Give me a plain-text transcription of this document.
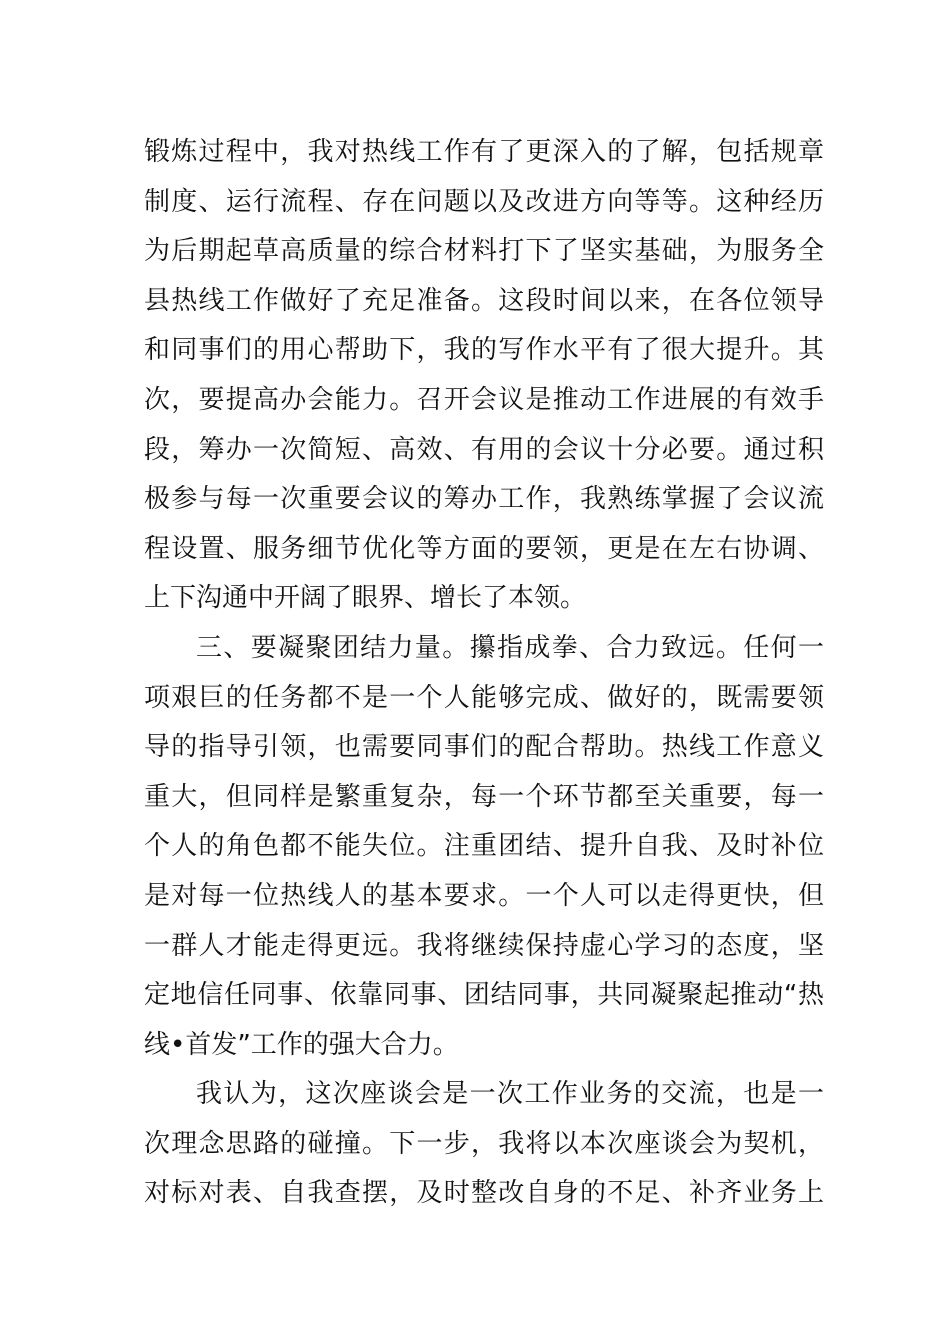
锻炼过程中，我对热线工作有了更深入的了解，包括规章
制度、运行流程、存在问题以及改进方向等等。这种经历
为后期起草高质量的综合材料打下了坚实基础，为服务全
县热线工作做好了充足准备。这段时间以来，在各位领导
和同事们的用心帮助下，我的写作水平有了很大提升。其
次，要提高办会能力。召开会议是推动工作进展的有效手
段，筹办一次简短、高效、有用的会议十分必要。通过积
极参与每一次重要会议的筹办工作，我熟练掌握了会议流
程设置、服务细节优化等方面的要领，更是在左右协调、
上下沟通中开阔了眼界、增长了本领。
三、要凝聚团结力量。攥指成拳、合力致远。任何一
项艰巨的任务都不是一个人能够完成、做好的，既需要领
导的指导引领，也需要同事们的配合帮助。热线工作意义
重大，但同样是繁重复杂，每一个环节都至关重要，每一
个人的角色都不能失位。注重团结、提升自我、及时补位
是对每一位热线人的基本要求。一个人可以走得更快，但
一群人才能走得更远。我将继续保持虚心学习的态度，坚
定地信任同事、依靠同事、团结同事，共同凝聚起推动“热
线•首发”工作的强大合力。
我认为，这次座谈会是一次工作业务的交流，也是一
次理念思路的碰撞。下一步，我将以本次座谈会为契机，
对标对表、自我查摆，及时整改自身的不足、补齐业务上
